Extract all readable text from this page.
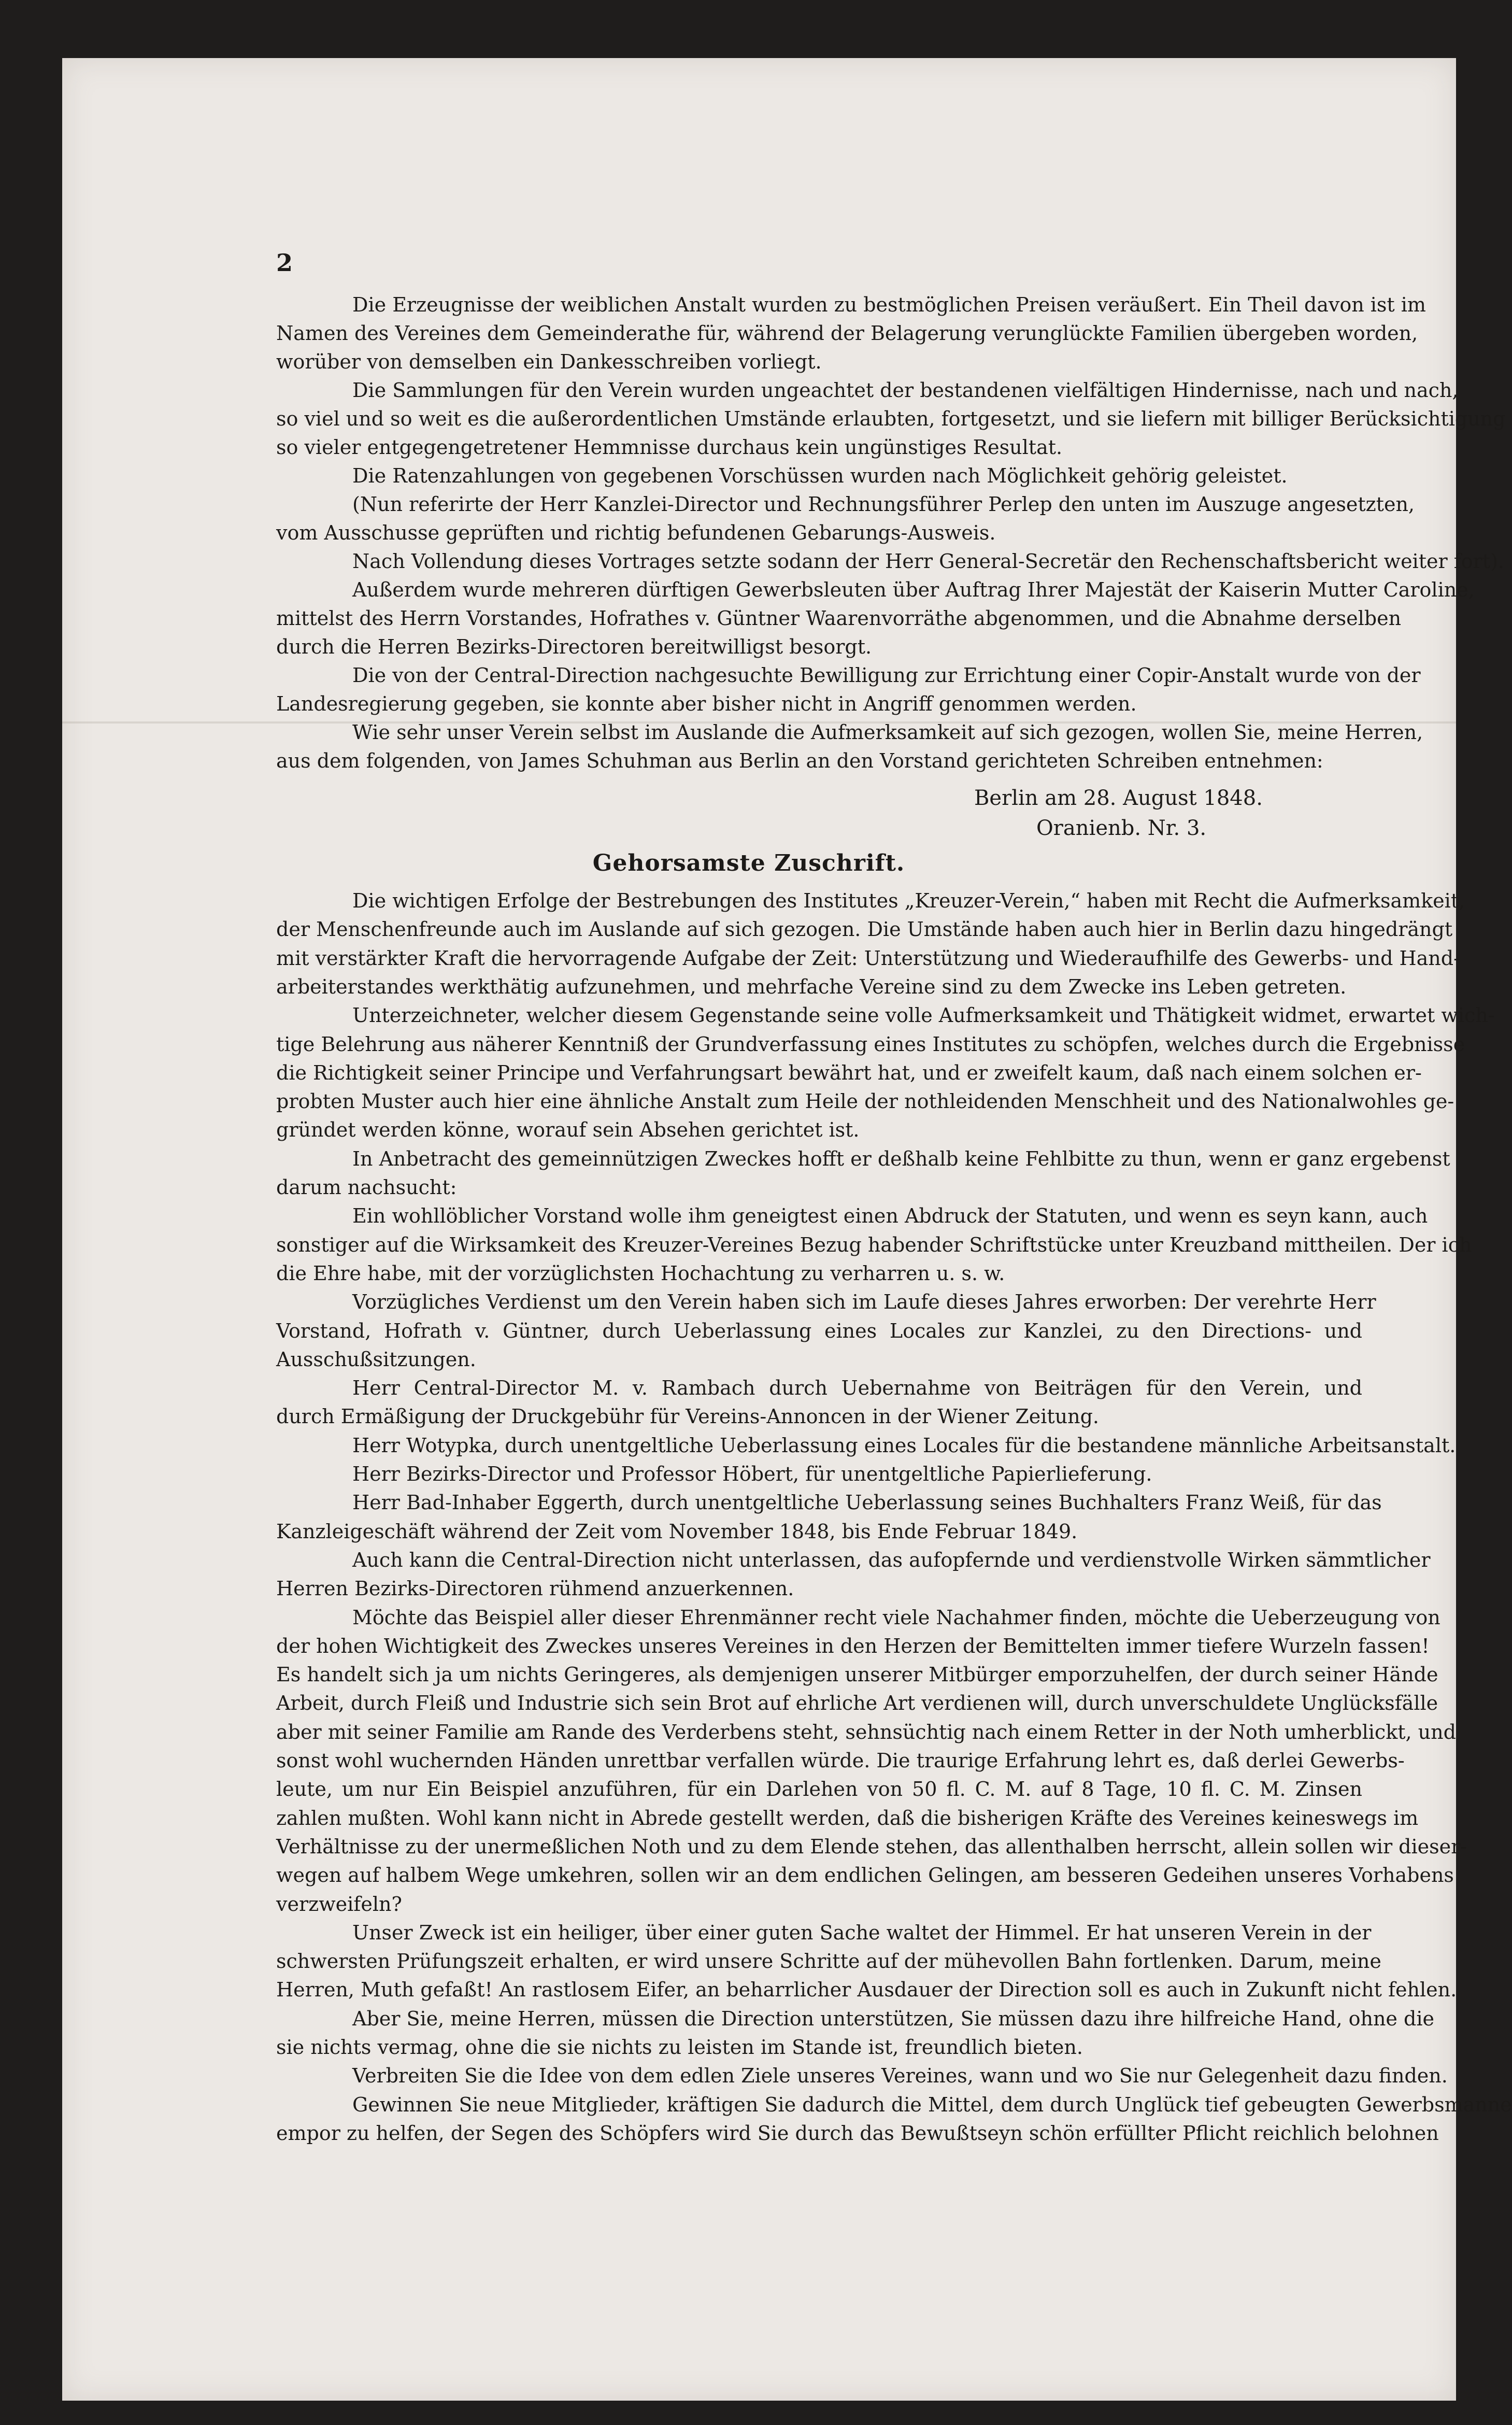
2
Die Erzeugnisse der weiblichen Anstalt wurden zu bestmöglichen Preisen veräußert. Ein Theil davon ist im
Namen des Vereines dem Gemeinderathe für, während der Belagerung verunglückte Familien übergeben worden,
worüber von demselben ein Dankesschreiben vorliegt.
Die Sammlungen für den Verein wurden ungeachtet der bestandenen vielfältigen Hindernisse, nach und nach,
so viel und so weit es die außerordentlichen Umstände erlaubten, fortgesetzt, und sie liefern mit billiger Berücksichtigung
so vieler entgegengetretener Hemmnisse durchaus kein ungünstiges Resultat.
Die Ratenzahlungen von gegebenen Vorschüssen wurden nach Möglichkeit gehörig geleistet.
(Nun referirte der Herr Kanzlei-Director und Rechnungsführer Perlep den unten im Auszuge angesetzten,
vom Ausschusse geprüften und richtig befundenen Gebarungs-Ausweis.
Nach Vollendung dieses Vortrages setzte sodann der Herr General-Secretär den Rechenschaftsbericht weiter fort).
Außerdem wurde mehreren dürftigen Gewerbsleuten über Auftrag Ihrer Majestät der Kaiserin Mutter Caroline,
mittelst des Herrn Vorstandes, Hofrathes v. Güntner Waarenvorräthe abgenommen, und die Abnahme derselben
durch die Herren Bezirks-Directoren bereitwilligst besorgt.
Die von der Central-Direction nachgesuchte Bewilligung zur Errichtung einer Copir-Anstalt wurde von der
Landesregierung gegeben, sie konnte aber bisher nicht in Angriff genommen werden.
Wie sehr unser Verein selbst im Auslande die Aufmerksamkeit auf sich gezogen, wollen Sie, meine Herren,
aus dem folgenden, von James Schuhman aus Berlin an den Vorstand gerichteten Schreiben entnehmen:
Berlin am 28. August 1848.
Oranienb. Nr. 3.
Gehorsamste Zuschrift.
Die wichtigen Erfolge der Bestrebungen des Institutes „Kreuzer-Verein,“ haben mit Recht die Aufmerksamkeit,
der Menschenfreunde auch im Auslande auf sich gezogen. Die Umstände haben auch hier in Berlin dazu hingedrängt
mit verstärkter Kraft die hervorragende Aufgabe der Zeit: Unterstützung und Wiederaufhilfe des Gewerbs- und Hand-
arbeiterstandes werkthätig aufzunehmen, und mehrfache Vereine sind zu dem Zwecke ins Leben getreten.
Unterzeichneter, welcher diesem Gegenstande seine volle Aufmerksamkeit und Thätigkeit widmet, erwartet wich-
tige Belehrung aus näherer Kenntniß der Grundverfassung eines Institutes zu schöpfen, welches durch die Ergebnisse
die Richtigkeit seiner Principe und Verfahrungsart bewährt hat, und er zweifelt kaum, daß nach einem solchen er-
probten Muster auch hier eine ähnliche Anstalt zum Heile der nothleidenden Menschheit und des Nationalwohles ge-
gründet werden könne, worauf sein Absehen gerichtet ist.
In Anbetracht des gemeinnützigen Zweckes hofft er deßhalb keine Fehlbitte zu thun, wenn er ganz ergebenst
darum nachsucht:
Ein wohllöblicher Vorstand wolle ihm geneigtest einen Abdruck der Statuten, und wenn es seyn kann, auch
sonstiger auf die Wirksamkeit des Kreuzer-Vereines Bezug habender Schriftstücke unter Kreuzband mittheilen. Der ich
die Ehre habe, mit der vorzüglichsten Hochachtung zu verharren u. s. w.
Vorzügliches Verdienst um den Verein haben sich im Laufe dieses Jahres erworben: Der verehrte Herr
Vorstand, Hofrath v. Güntner, durch Ueberlassung eines Locales zur Kanzlei, zu den Directions- und
Ausschußsitzungen.
Herr Central-Director M. v. Rambach durch Uebernahme von Beiträgen für den Verein, und
durch Ermäßigung der Druckgebühr für Vereins-Annoncen in der Wiener Zeitung.
Herr Wotypka, durch unentgeltliche Ueberlassung eines Locales für die bestandene männliche Arbeitsanstalt.
Herr Bezirks-Director und Professor Höbert, für unentgeltliche Papierlieferung.
Herr Bad-Inhaber Eggerth, durch unentgeltliche Ueberlassung seines Buchhalters Franz Weiß, für das
Kanzleigeschäft während der Zeit vom November 1848, bis Ende Februar 1849.
Auch kann die Central-Direction nicht unterlassen, das aufopfernde und verdienstvolle Wirken sämmtlicher
Herren Bezirks-Directoren rühmend anzuerkennen.
Möchte das Beispiel aller dieser Ehrenmänner recht viele Nachahmer finden, möchte die Ueberzeugung von
der hohen Wichtigkeit des Zweckes unseres Vereines in den Herzen der Bemittelten immer tiefere Wurzeln fassen!
Es handelt sich ja um nichts Geringeres, als demjenigen unserer Mitbürger emporzuhelfen, der durch seiner Hände
Arbeit, durch Fleiß und Industrie sich sein Brot auf ehrliche Art verdienen will, durch unverschuldete Unglücksfälle
aber mit seiner Familie am Rande des Verderbens steht, sehnsüchtig nach einem Retter in der Noth umherblickt, und
sonst wohl wuchernden Händen unrettbar verfallen würde. Die traurige Erfahrung lehrt es, daß derlei Gewerbs-
leute, um nur Ein Beispiel anzuführen, für ein Darlehen von 50 fl. C. M. auf 8 Tage, 10 fl. C. M. Zinsen
zahlen mußten. Wohl kann nicht in Abrede gestellt werden, daß die bisherigen Kräfte des Vereines keineswegs im
Verhältnisse zu der unermeßlichen Noth und zu dem Elende stehen, das allenthalben herrscht, allein sollen wir dieser-
wegen auf halbem Wege umkehren, sollen wir an dem endlichen Gelingen, am besseren Gedeihen unseres Vorhabens
verzweifeln?
Unser Zweck ist ein heiliger, über einer guten Sache waltet der Himmel. Er hat unseren Verein in der
schwersten Prüfungszeit erhalten, er wird unsere Schritte auf der mühevollen Bahn fortlenken. Darum, meine
Herren, Muth gefaßt! An rastlosem Eifer, an beharrlicher Ausdauer der Direction soll es auch in Zukunft nicht fehlen.
Aber Sie, meine Herren, müssen die Direction unterstützen, Sie müssen dazu ihre hilfreiche Hand, ohne die
sie nichts vermag, ohne die sie nichts zu leisten im Stande ist, freundlich bieten.
Verbreiten Sie die Idee von dem edlen Ziele unseres Vereines, wann und wo Sie nur Gelegenheit dazu finden.
Gewinnen Sie neue Mitglieder, kräftigen Sie dadurch die Mittel, dem durch Unglück tief gebeugten Gewerbsmanne
empor zu helfen, der Segen des Schöpfers wird Sie durch das Bewußtseyn schön erfüllter Pflicht reichlich belohnen
